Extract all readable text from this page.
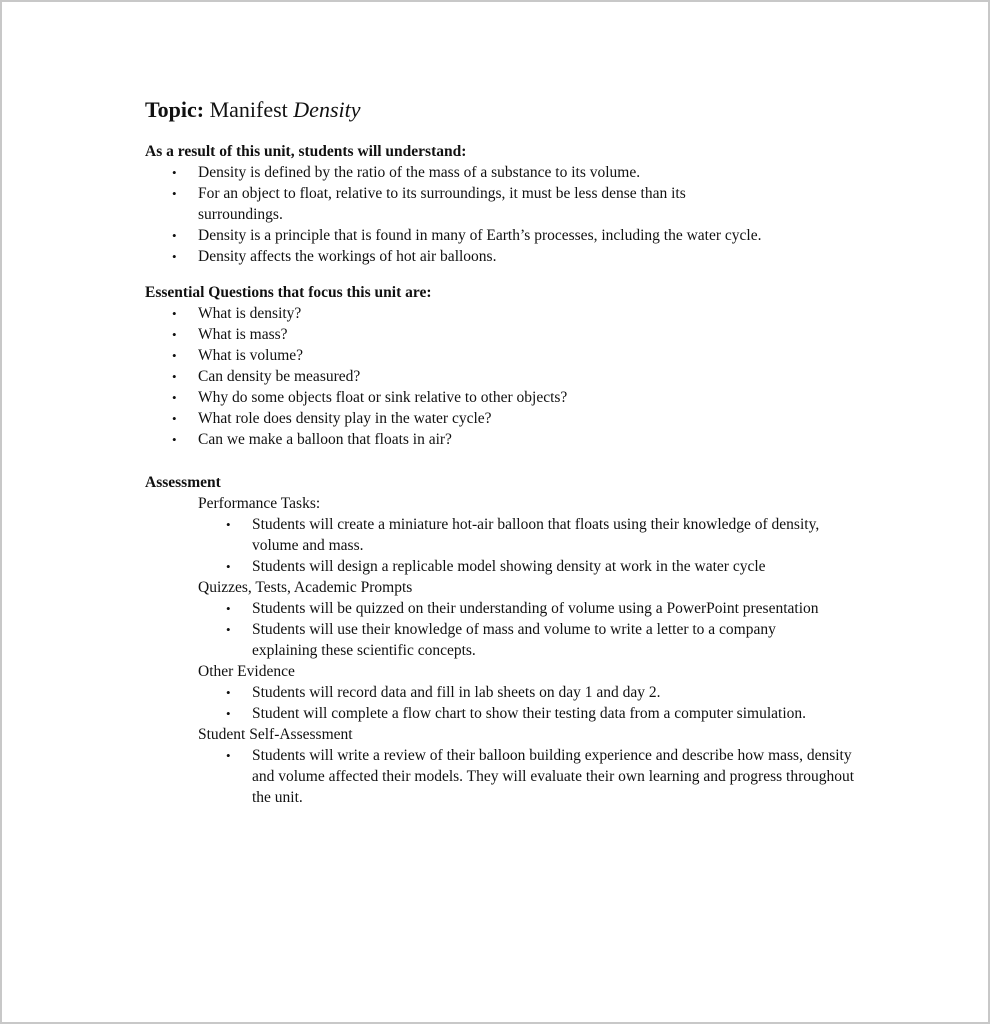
Topic: Manifest Density

As a result of this unit, students will understand:

• Density is defined by the ratio of the mass of a substance to its volume.
• For an object to float, relative to its surroundings, it must be less dense than its surroundings.
• Density is a principle that is found in many of Earth’s processes, including the water cycle.
• Density affects the workings of hot air balloons.

Essential Questions that focus this unit are:

• What is density?
• What is mass?
• What is volume?
• Can density be measured?
• Why do some objects float or sink relative to other objects?
• What role does density play in the water cycle?
• Can we make a balloon that floats in air?

Assessment

Performance Tasks:

• Students will create a miniature hot-air balloon that floats using their knowledge of density, volume and mass.
• Students will design a replicable model showing density at work in the water cycle

Quizzes, Tests, Academic Prompts

• Students will be quizzed on their understanding of volume using a PowerPoint presentation
• Students will use their knowledge of mass and volume to write a letter to a company explaining these scientific concepts.

Other Evidence

• Students will record data and fill in lab sheets on day 1 and day 2.
• Student will complete a flow chart to show their testing data from a computer simulation.

Student Self-Assessment

• Students will write a review of their balloon building experience and describe how mass, density and volume affected their models. They will evaluate their own learning and progress throughout the unit.
